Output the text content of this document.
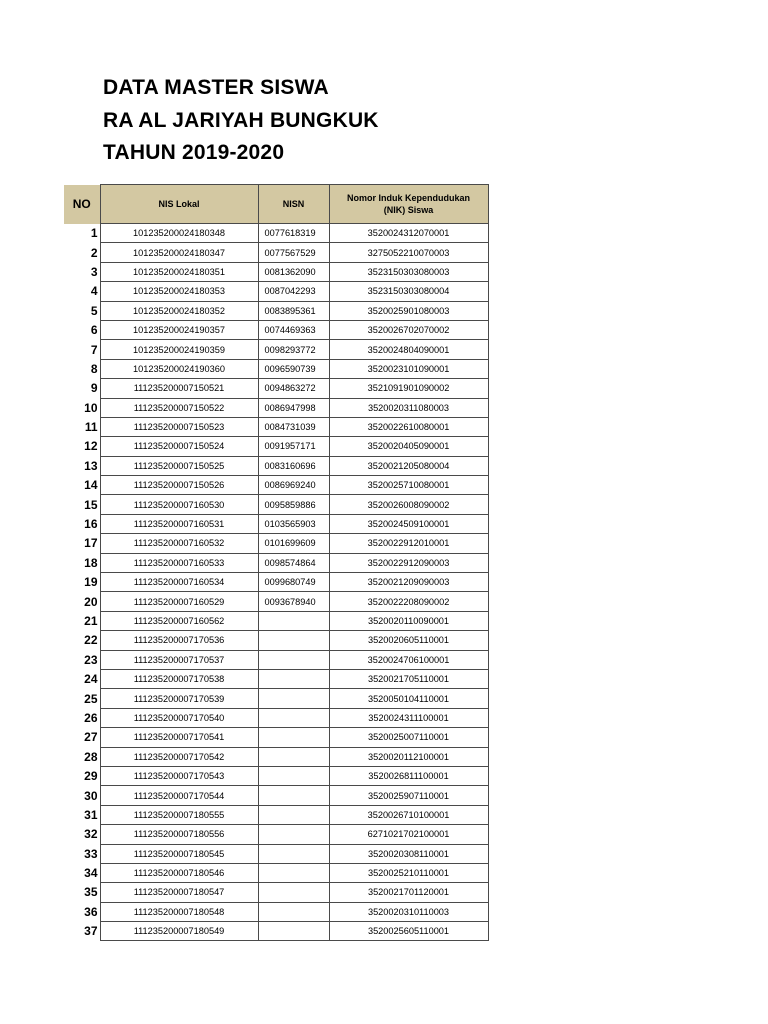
DATA MASTER SISWA
RA AL JARIYAH BUNGKUK
TAHUN 2019-2020
NO	NIS Lokal	NISN	Nomor Induk Kependudukan
(NIK) Siswa
1	101235200024180348	0077618319	3520024312070001
2	101235200024180347	0077567529	3275052210070003
3	101235200024180351	0081362090	3523150303080003
4	101235200024180353	0087042293	3523150303080004
5	101235200024180352	0083895361	3520025901080003
6	101235200024190357	0074469363	3520026702070002
7	101235200024190359	0098293772	3520024804090001
8	101235200024190360	0096590739	3520023101090001
9	111235200007150521	0094863272	3521091901090002
10	111235200007150522	0086947998	3520020311080003
11	111235200007150523	0084731039	3520022610080001
12	111235200007150524	0091957171	3520020405090001
13	111235200007150525	0083160696	3520021205080004
14	111235200007150526	0086969240	3520025710080001
15	111235200007160530	0095859886	3520026008090002
16	111235200007160531	0103565903	3520024509100001
17	111235200007160532	0101699609	3520022912010001
18	111235200007160533	0098574864	3520022912090003
19	111235200007160534	0099680749	3520021209090003
20	111235200007160529	0093678940	3520022208090002
21	111235200007160562		3520020110090001
22	111235200007170536		3520020605110001
23	111235200007170537		3520024706100001
24	111235200007170538		3520021705110001
25	111235200007170539		3520050104110001
26	111235200007170540		3520024311100001
27	111235200007170541		3520025007110001
28	111235200007170542		3520020112100001
29	111235200007170543		3520026811100001
30	111235200007170544		3520025907110001
31	111235200007180555		3520026710100001
32	111235200007180556		6271021702100001
33	111235200007180545		3520020308110001
34	111235200007180546		3520025210110001
35	111235200007180547		3520021701120001
36	111235200007180548		3520020310110003
37	111235200007180549		3520025605110001
